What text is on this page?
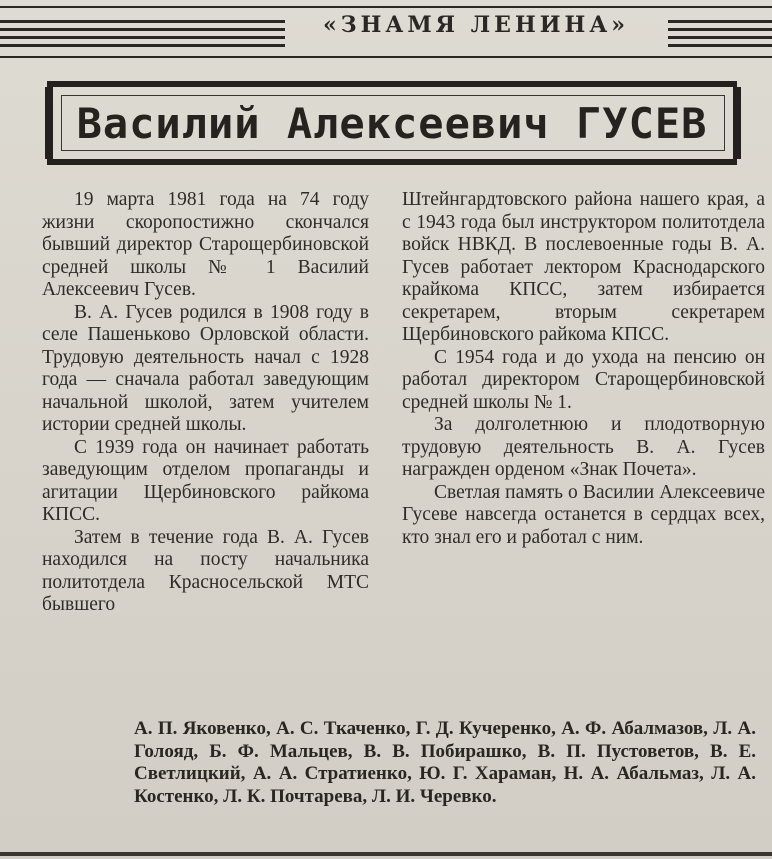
«ЗНАМЯ ЛЕНИНА»
Василий Алексеевич ГУСЕВ

19 марта 1981 года на 74 году жизни скоропостижно скончался бывший директор Старощербиновской средней школы № 1 Василий Алексеевич Гусев.

В. А. Гусев родился в 1908 году в селе Пашеньково Орловской области. Трудовую деятельность начал с 1928 года — сначала работал заведующим начальной школой, затем учителем истории средней школы.

С 1939 года он начинает работать заведующим отделом пропаганды и агитации Щербиновского райкома КПСС.

Затем в течение года В. А. Гусев находился на посту начальника политотдела Красносельской МТС бывшего

Штейнгардтовского района нашего края, а с 1943 года был инструктором политотдела войск НВКД. В послевоенные годы В. А. Гусев работает лектором Краснодарского крайкома КПСС, затем избирается секретарем, вторым секретарем Щербиновского райкома КПСС.

С 1954 года и до ухода на пенсию он работал директором Старощербиновской средней школы № 1.

За долголетнюю и плодотворную трудовую деятельность В. А. Гусев награжден орденом «Знак Почета».

Светлая память о Василии Алексеевиче Гусеве навсегда останется в сердцах всех, кто знал его и работал с ним.

А. П. Яковенко, А. С. Ткаченко, Г. Д. Кучеренко, А. Ф. Абалмазов, Л. А. Голояд, Б. Ф. Мальцев, В. В. Побирашко, В. П. Пустоветов, В. Е. Светлицкий, А. А. Стратиенко, Ю. Г. Хараман, Н. А. Абальмаз, Л. А. Костенко, Л. К. Почтарева, Л. И. Черевко.
